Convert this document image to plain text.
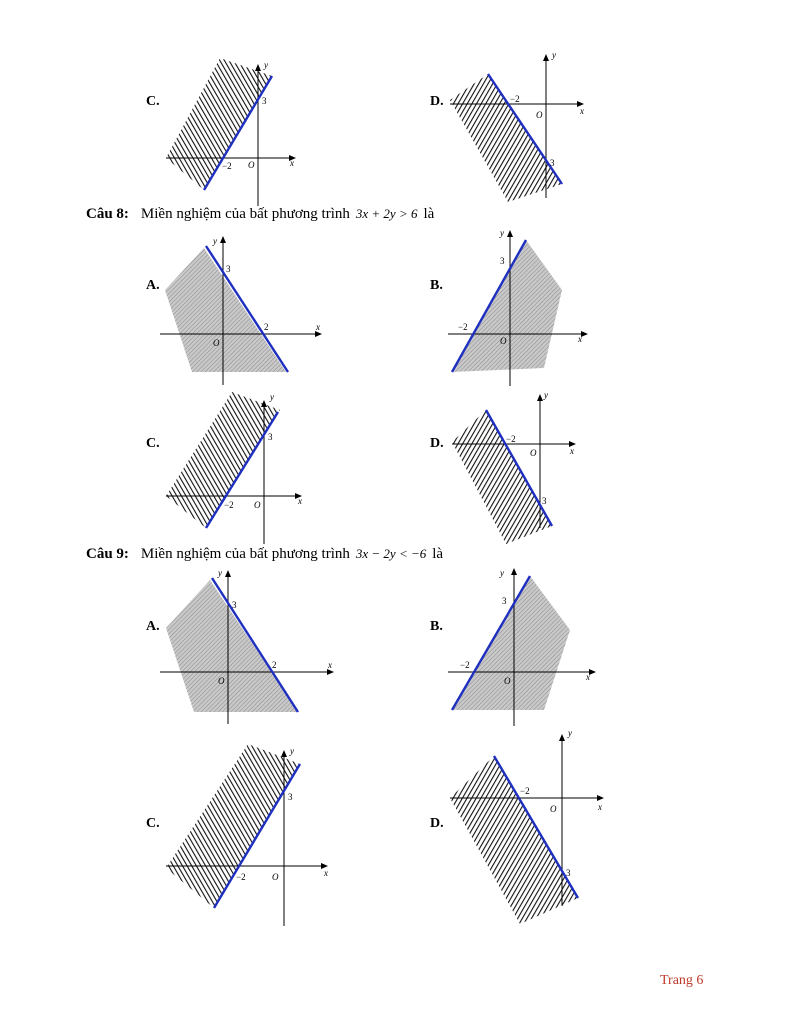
Câu 8: Miền nghiệm của bất phương trình 3x + 2y > 6 là
Câu 9: Miền nghiệm của bất phương trình 3x − 2y < −6 là
C.	D.
A.	B.
C.	D.
A.	B.
C.	D.
y
x
3
2
O
y
x
3
2
O
y
x
3
−2
O
y
x
3
−2
O
y
x
3
−2 O
y
x
3
−2 O
y
x
3
−2	O
y
x
−2
O
3
y
x
−2
O
3
y
x
−2
O
3
Trang 6
